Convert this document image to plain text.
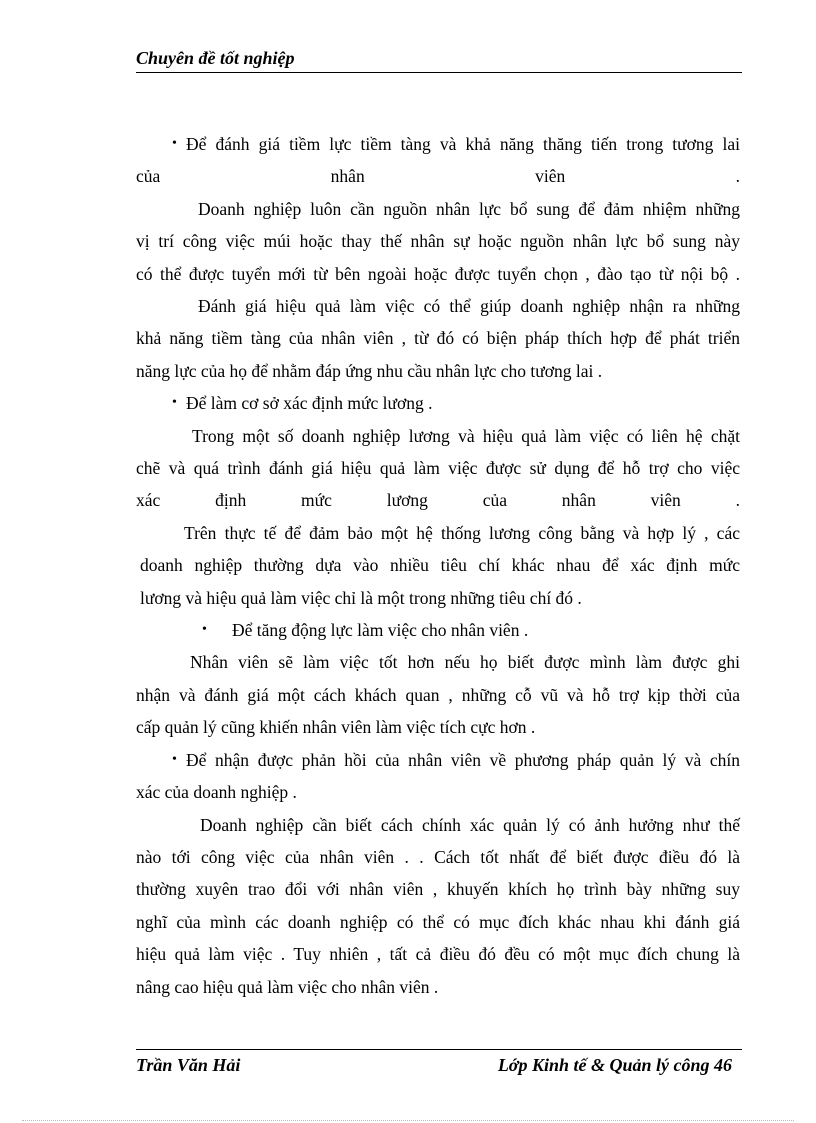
Chuyên đề tốt nghiệp
• Để đánh giá tiềm lực tiềm tàng và khả năng thăng tiến trong tương lai
của nhân viên .
Doanh nghiệp luôn cần nguồn nhân lực bổ sung để đảm nhiệm những
vị trí công việc múi hoặc thay thế nhân sự hoặc nguồn nhân lực bổ sung này
có thể được tuyển mới từ bên ngoài hoặc được tuyển chọn , đào tạo từ nội bộ .
Đánh giá hiệu quả làm việc có thể giúp doanh nghiệp nhận ra những
khả năng tiềm tàng của nhân viên , từ đó có biện pháp thích hợp để phát triển
năng lực của họ để nhằm đáp ứng nhu cầu nhân lực cho tương lai .
• Để làm cơ sở xác định mức lương .
Trong một số doanh nghiệp lương và hiệu quả làm việc có liên hệ chặt
chẽ và quá trình đánh giá hiệu quả làm việc được sử dụng để hỗ trợ cho việc
xác định mức lương của nhân viên .
Trên thực tế để đảm bảo một hệ thống lương công bằng và hợp lý , các
doanh nghiệp thường dựa vào nhiều tiêu chí khác nhau để xác định mức
lương và hiệu quả làm việc chỉ là một trong những tiêu chí đó .
• Để tăng động lực làm việc cho nhân viên .
Nhân viên sẽ làm việc tốt hơn nếu họ biết được mình làm được ghi
nhận và đánh giá một cách khách quan , những cỗ vũ và hỗ trợ kịp thời của
cấp quản lý cũng khiến nhân viên làm việc tích cực hơn .
• Để nhận được phản hồi của nhân viên về phương pháp quản lý và chín
xác của doanh nghiệp .
Doanh nghiệp cần biết cách chính xác quản lý có ảnh hưởng như thế
nào tới công việc của nhân viên . . Cách tốt nhất để biết được điều đó là
thường xuyên trao đổi với nhân viên , khuyến khích họ trình bày những suy
nghĩ của mình các doanh nghiệp có thể có mục đích khác nhau khi đánh giá
hiệu quả làm việc . Tuy nhiên , tất cả điều đó đều có một mục đích chung là
nâng cao hiệu quả làm việc cho nhân viên .
Trần Văn Hải	Lớp Kinh tế & Quản lý công 46
